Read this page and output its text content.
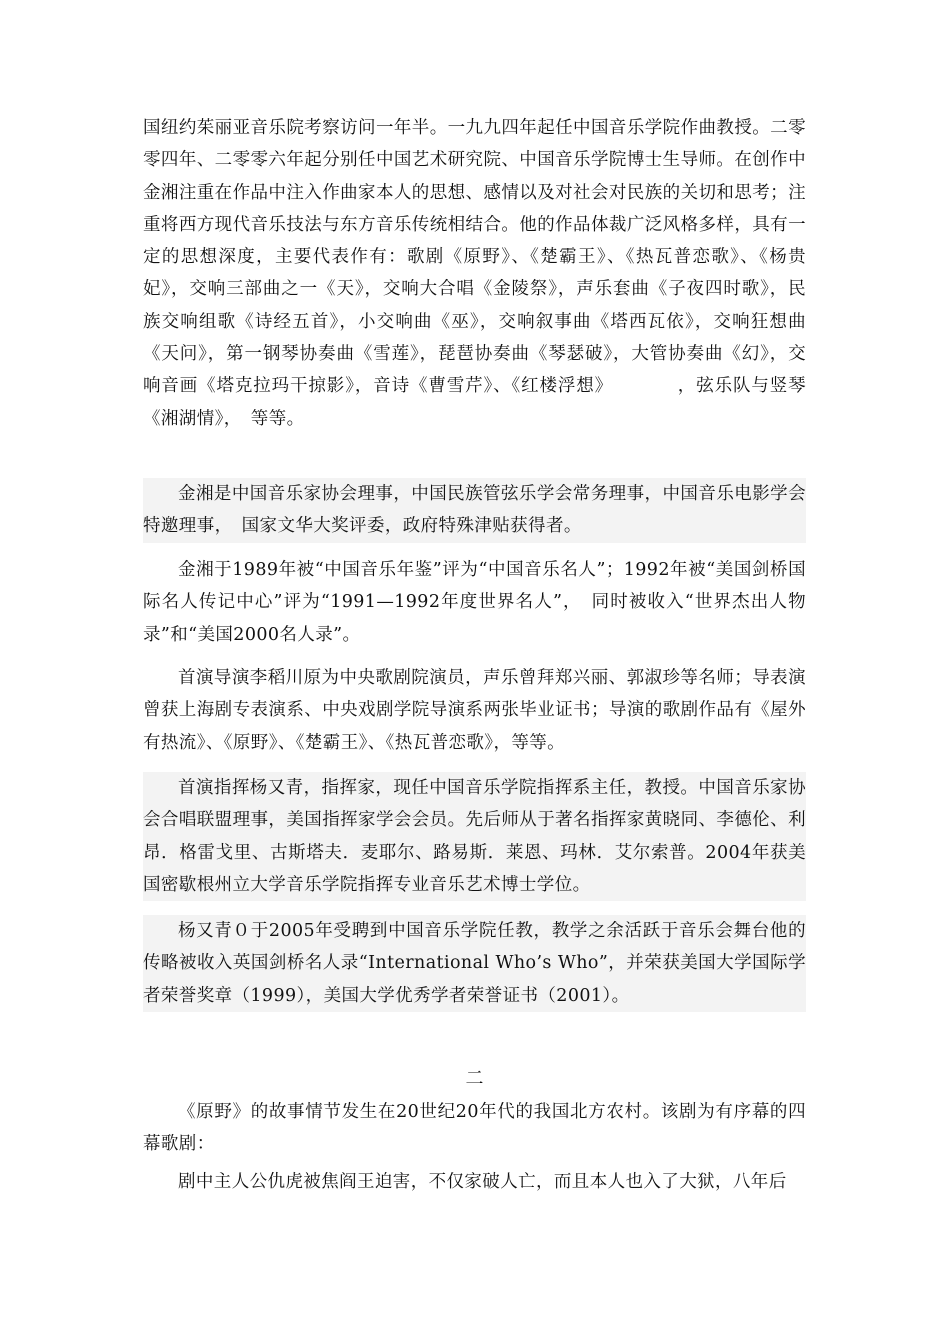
国纽约茱丽亚音乐院考察访问一年半。一九九四年起任中国音乐学院作曲教授。二零零四年、二零零六年起分别任中国艺术研究院、中国音乐学院博士生导师。在创作中金湘注重在作品中注入作曲家本人的思想、感情以及对社会对民族的关切和思考；注重将西方现代音乐技法与东方音乐传统相结合。他的作品体裁广泛风格多样，具有一定的思想深度，主要代表作有：歌剧《原野》、《楚霸王》、《热瓦普恋歌》、《杨贵妃》，交响三部曲之一《天》，交响大合唱《金陵祭》，声乐套曲《子夜四时歌》，民族交响组歌《诗经五首》，小交响曲《巫》，交响叙事曲《塔西瓦依》，交响狂想曲《天问》，第一钢琴协奏曲《雪莲》，琵琶协奏曲《琴瑟破》，大管协奏曲《幻》，交响音画《塔克拉玛干掠影》，音诗《曹雪芹》、《红楼浮想》　　　　，弦乐队与竖琴《湘湖情》，　等等。

金湘是中国音乐家协会理事，中国民族管弦乐学会常务理事，中国音乐电影学会特邀理事，　国家文华大奖评委，政府特殊津贴获得者。

金湘于1989年被“中国音乐年鉴”评为“中国音乐名人”；1992年被“美国剑桥国际名人传记中心”评为“1991—1992年度世界名人”，　同时被收入“世界杰出人物录”和“美国2000名人录”。

首演导演李稻川原为中央歌剧院演员，声乐曾拜郑兴丽、郭淑珍等名师；导表演曾获上海剧专表演系、中央戏剧学院导演系两张毕业证书；导演的歌剧作品有《屋外有热流》、《原野》、《楚霸王》、《热瓦普恋歌》，等等。

首演指挥杨又青，指挥家，现任中国音乐学院指挥系主任，教授。中国音乐家协会合唱联盟理事，美国指挥家学会会员。先后师从于著名指挥家黄晓同、李德伦、利昂．格雷戈里、古斯塔夫．麦耶尔、路易斯．莱恩、玛林．艾尔索普。2004年获美国密歇根州立大学音乐学院指挥专业音乐艺术博士学位。

杨又青０于2005年受聘到中国音乐学院任教，教学之余活跃于音乐会舞台他的传略被收入英国剑桥名人录“International Who’s Who”，并荣获美国大学国际学者荣誉奖章（1999），美国大学优秀学者荣誉证书（2001）。

二

《原野》的故事情节发生在20世纪20年代的我国北方农村。该剧为有序幕的四幕歌剧：

剧中主人公仇虎被焦阎王迫害，不仅家破人亡，而且本人也入了大狱，八年后
